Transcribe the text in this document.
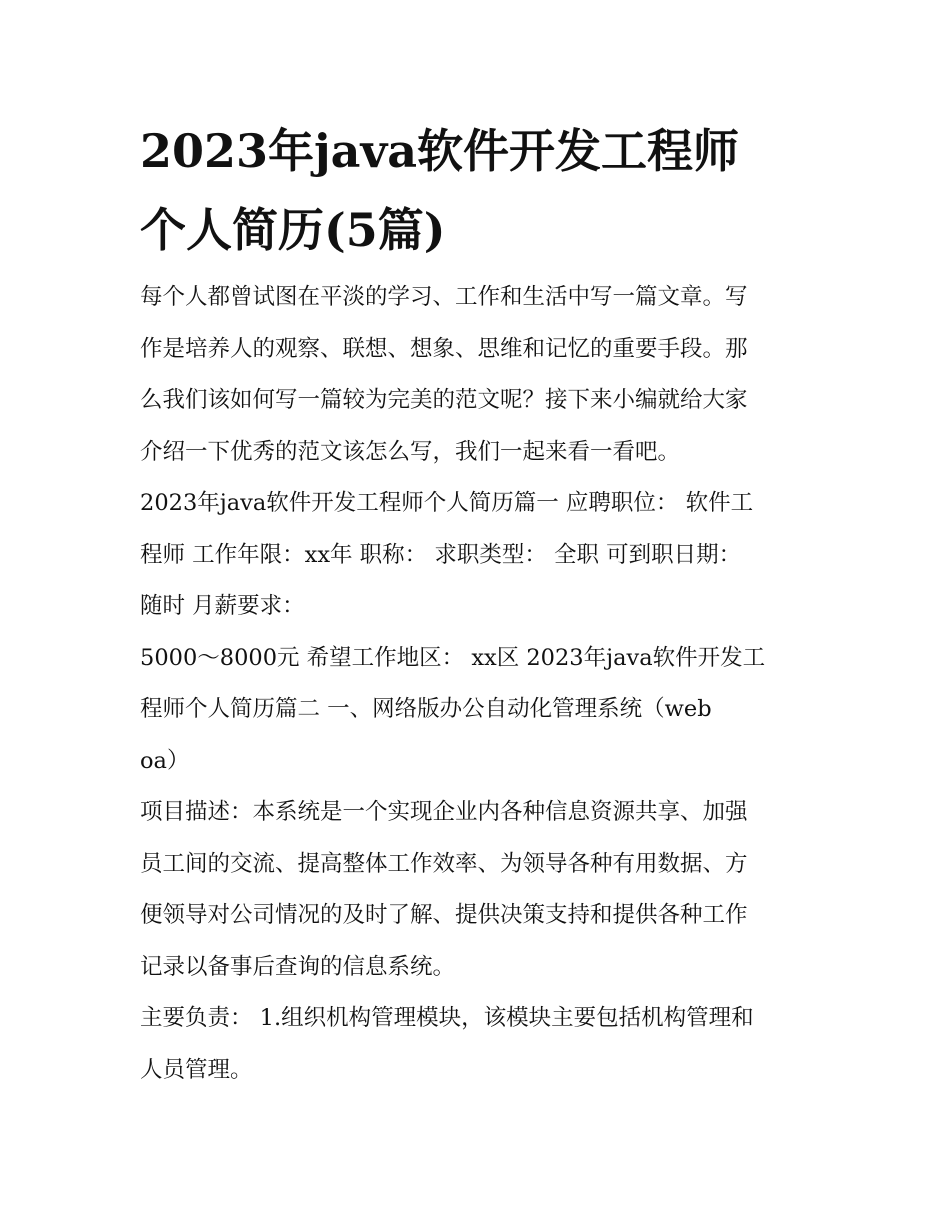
2023年java软件开发工程师
个人简历(5篇)

每个人都曾试图在平淡的学习、工作和生活中写一篇文章。写
作是培养人的观察、联想、想象、思维和记忆的重要手段。那
么我们该如何写一篇较为完美的范文呢？接下来小编就给大家
介绍一下优秀的范文该怎么写，我们一起来看一看吧。

2023年java软件开发工程师个人简历篇一 应聘职位： 软件工
程师 工作年限：xx年 职称： 求职类型： 全职 可到职日期：
随时 月薪要求：

5000～8000元 希望工作地区： xx区 2023年java软件开发工
程师个人简历篇二 一、网络版办公自动化管理系统（web
oa）

项目描述：本系统是一个实现企业内各种信息资源共享、加强
员工间的交流、提高整体工作效率、为领导各种有用数据、方
便领导对公司情况的及时了解、提供决策支持和提供各种工作
记录以备事后查询的信息系统。

主要负责： 1.组织机构管理模块，该模块主要包括机构管理和
人员管理。
